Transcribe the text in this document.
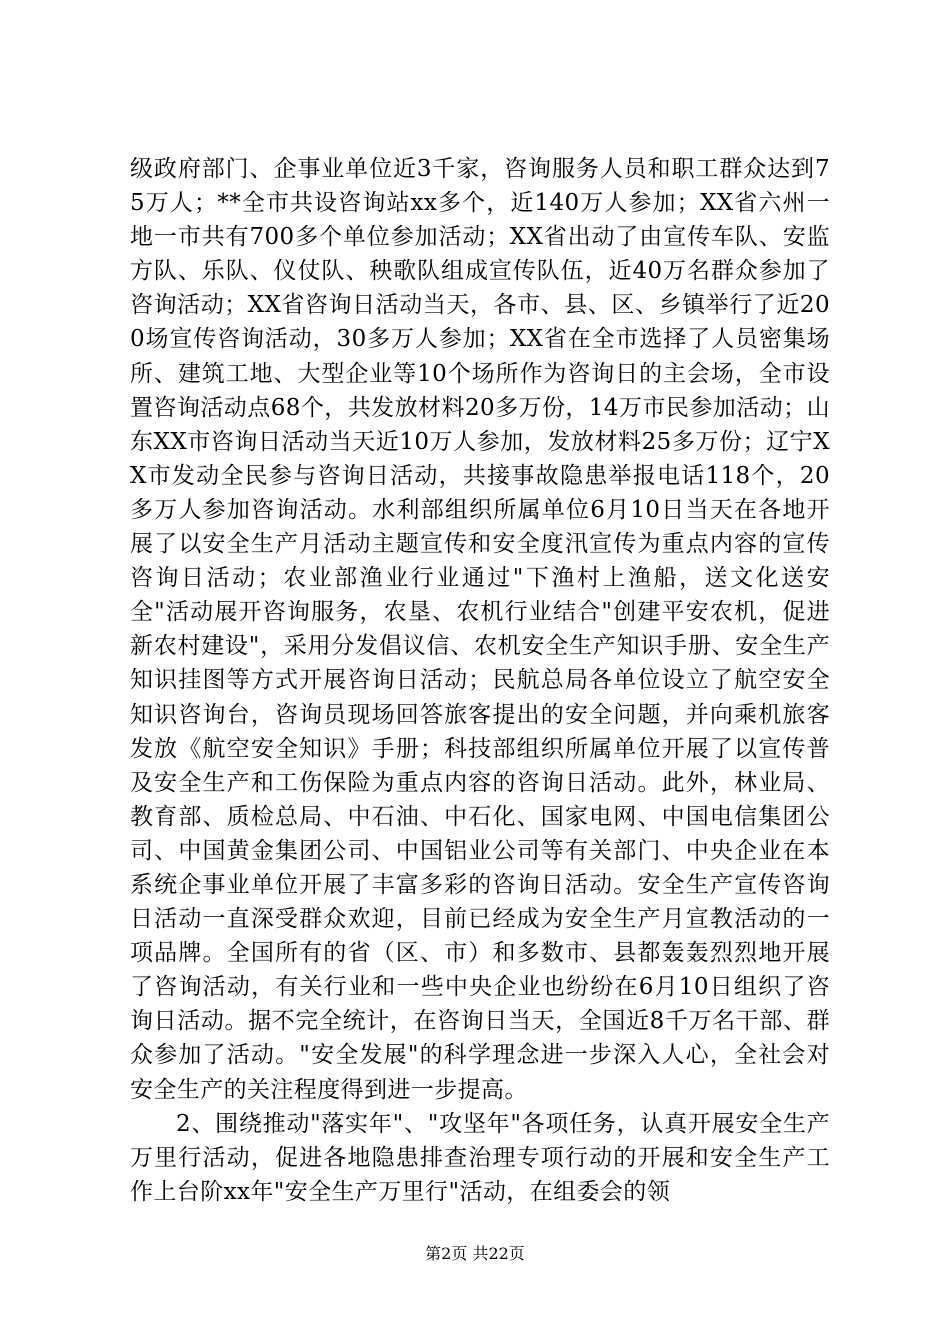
级政府部门、企事业单位近3千家，咨询服务人员和职工群众达到75万人；**全市共设咨询站xx多个，近140万人参加；XX省六州一地一市共有700多个单位参加活动；XX省出动了由宣传车队、安监方队、乐队、仪仗队、秧歌队组成宣传队伍，近40万名群众参加了咨询活动；XX省咨询日活动当天，各市、县、区、乡镇举行了近200场宣传咨询活动，30多万人参加；XX省在全市选择了人员密集场所、建筑工地、大型企业等10个场所作为咨询日的主会场，全市设置咨询活动点68个，共发放材料20多万份，14万市民参加活动；山东XX市咨询日活动当天近10万人参加，发放材料25多万份；辽宁XX市发动全民参与咨询日活动，共接事故隐患举报电话118个，20多万人参加咨询活动。水利部组织所属单位6月10日当天在各地开展了以安全生产月活动主题宣传和安全度汛宣传为重点内容的宣传咨询日活动；农业部渔业行业通过"下渔村上渔船，送文化送安全"活动展开咨询服务，农垦、农机行业结合"创建平安农机，促进新农村建设"，采用分发倡议信、农机安全生产知识手册、安全生产知识挂图等方式开展咨询日活动；民航总局各单位设立了航空安全知识咨询台，咨询员现场回答旅客提出的安全问题，并向乘机旅客发放《航空安全知识》手册；科技部组织所属单位开展了以宣传普及安全生产和工伤保险为重点内容的咨询日活动。此外，林业局、教育部、质检总局、中石油、中石化、国家电网、中国电信集团公司、中国黄金集团公司、中国铝业公司等有关部门、中央企业在本系统企事业单位开展了丰富多彩的咨询日活动。安全生产宣传咨询日活动一直深受群众欢迎，目前已经成为安全生产月宣教活动的一项品牌。全国所有的省（区、市）和多数市、县都轰轰烈烈地开展了咨询活动，有关行业和一些中央企业也纷纷在6月10日组织了咨询日活动。据不完全统计，在咨询日当天，全国近8千万名干部、群众参加了活动。"安全发展"的科学理念进一步深入人心，全社会对安全生产的关注程度得到进一步提高。

2、围绕推动"落实年"、"攻坚年"各项任务，认真开展安全生产万里行活动，促进各地隐患排查治理专项行动的开展和安全生产工作上台阶xx年"安全生产万里行"活动，在组委会的领

第2页 共22页
